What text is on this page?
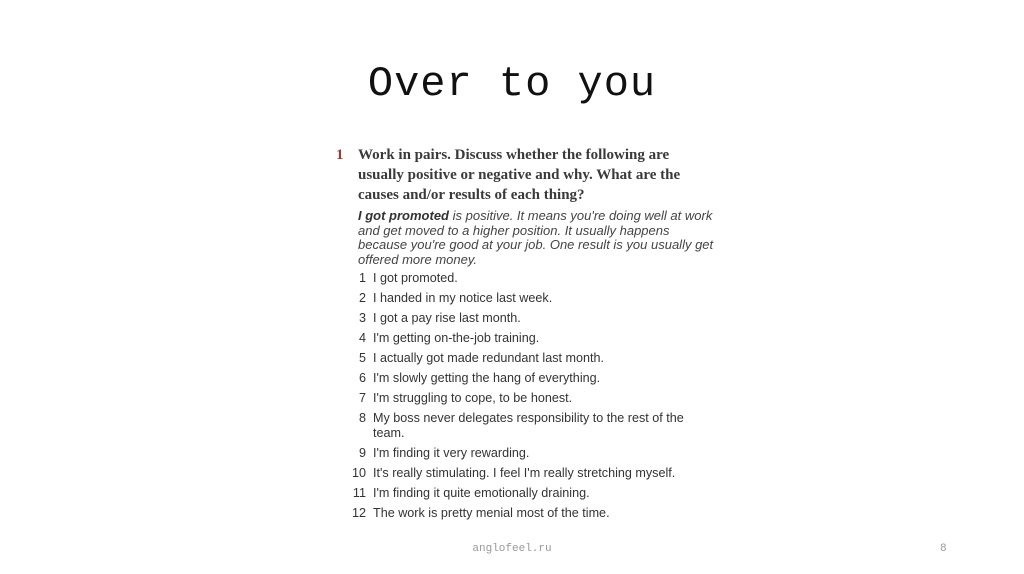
Over to you
1 Work in pairs. Discuss whether the following are usually positive or negative and why. What are the causes and/or results of each thing?
I got promoted is positive. It means you're doing well at work and get moved to a higher position. It usually happens because you're good at your job. One result is you usually get offered more money.
1 I got promoted.
2 I handed in my notice last week.
3 I got a pay rise last month.
4 I'm getting on-the-job training.
5 I actually got made redundant last month.
6 I'm slowly getting the hang of everything.
7 I'm struggling to cope, to be honest.
8 My boss never delegates responsibility to the rest of the team.
9 I'm finding it very rewarding.
10 It's really stimulating. I feel I'm really stretching myself.
11 I'm finding it quite emotionally draining.
12 The work is pretty menial most of the time.
anglofeel.ru	8
